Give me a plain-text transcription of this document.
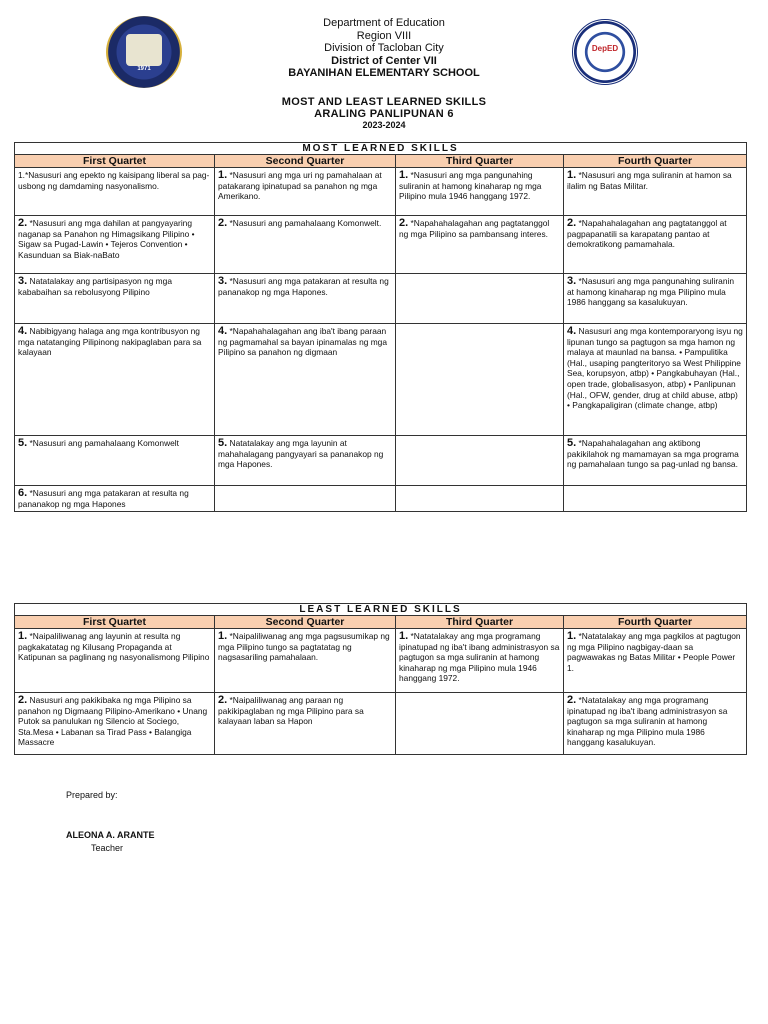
1971
DepED
Department of Education
Region VIII
Division of Tacloban City
District of Center VII
BAYANIHAN ELEMENTARY SCHOOL
MOST AND LEAST LEARNED SKILLS
ARALING PANLIPUNAN 6
2023-2024
MOST LEARNED SKILLS			
First Quartet	Second Quarter	Third Quarter	Fourth Quarter
1.*Nasusuri ang epekto ng kaisipang liberal sa pag-usbong ng damdaming nasyonalismo.	1. *Nasusuri ang mga uri ng pamahalaan at patakarang ipinatupad sa panahon ng mga Amerikano.	1. *Nasusuri ang mga pangunahing suliranin at hamong kinaharap ng mga Pilipino mula 1946 hanggang 1972.	1. *Nasusuri ang mga suliranin at hamon sa ilalim ng Batas Militar.
2. *Nasusuri ang mga dahilan at pangyayaring naganap sa Panahon ng Himagsikang Pilipino • Sigaw sa Pugad-Lawin • Tejeros Convention • Kasunduan sa Biak-naBato	2. *Nasusuri ang pamahalaang Komonwelt.	2. *Napahahalagahan ang pagtatanggol ng mga Pilipino sa pambansang interes.	2. *Napahahalagahan ang pagtatanggol at pagpapanatili sa karapatang pantao at demokratikong pamamahala.
3. Natatalakay ang partisipasyon ng mga kababaihan sa rebolusyong Pilipino	3. *Nasusuri ang mga patakaran at resulta ng pananakop ng mga Hapones.		3. *Nasusuri ang mga pangunahing suliranin at hamong kinaharap ng mga Pilipino mula 1986 hanggang sa kasalukuyan.
4. Nabibigyang halaga ang mga kontribusyon ng mga natatanging Pilipinong nakipaglaban para sa kalayaan	4. *Napahahalagahan ang iba't ibang paraan ng pagmamahal sa bayan ipinamalas ng mga Pilipino sa panahon ng digmaan		4. Nasusuri ang mga kontemporaryong isyu ng lipunan tungo sa pagtugon sa mga hamon ng malaya at maunlad na bansa. • Pampulitika (Hal., usaping pangteritoryo sa West Philippine Sea, korupsyon, atbp) • Pangkabuhayan (Hal., open trade, globalisasyon, atbp) • Panlipunan (Hal., OFW, gender, drug at child abuse, atbp) • Pangkapaligiran (climate change, atbp)
5. *Nasusuri ang pamahalaang Komonwelt	5. Natatalakay ang mga layunin at mahahalagang pangyayari sa pananakop ng mga Hapones.		5. *Napahahalagahan ang aktibong pakikilahok ng mamamayan sa mga programa ng pamahalaan tungo sa pag-unlad ng bansa.
6. *Nasusuri ang mga patakaran at resulta ng pananakop ng mga Hapones			
LEAST LEARNED SKILLS			
First Quartet	Second Quarter	Third Quarter	Fourth Quarter
1. *Naipaliliwanag ang layunin at resulta ng pagkakatatag ng Kilusang Propaganda at Katipunan sa paglinang ng nasyonalismong Pilipino	1. *Naipaliliwanag ang mga pagsusumikap ng mga Pilipino tungo sa pagtatatag ng nagsasariling pamahalaan.	1. *Natatalakay ang mga programang ipinatupad ng iba't ibang administrasyon sa pagtugon sa mga suliranin at hamong kinaharap ng mga Pilipino mula 1946 hanggang 1972.	1. *Natatalakay ang mga pagkilos at pagtugon ng mga Pilipino nagbigay-daan sa pagwawakas ng Batas Militar • People Power 1.
2. Nasusuri ang pakikibaka ng mga Pilipino sa panahon ng Digmaang Pilipino-Amerikano • Unang Putok sa panulukan ng Silencio at Sociego, Sta.Mesa • Labanan sa Tirad Pass • Balangiga Massacre	2. *Naipaliliwanag ang paraan ng pakikipaglaban ng mga Pilipino para sa kalayaan laban sa Hapon		2. *Natatalakay ang mga programang ipinatupad ng iba't ibang administrasyon sa pagtugon sa mga suliranin at hamong kinaharap ng mga Pilipino mula 1986 hanggang kasalukuyan.
Prepared by:
ALEONA A. ARANTE
Teacher
